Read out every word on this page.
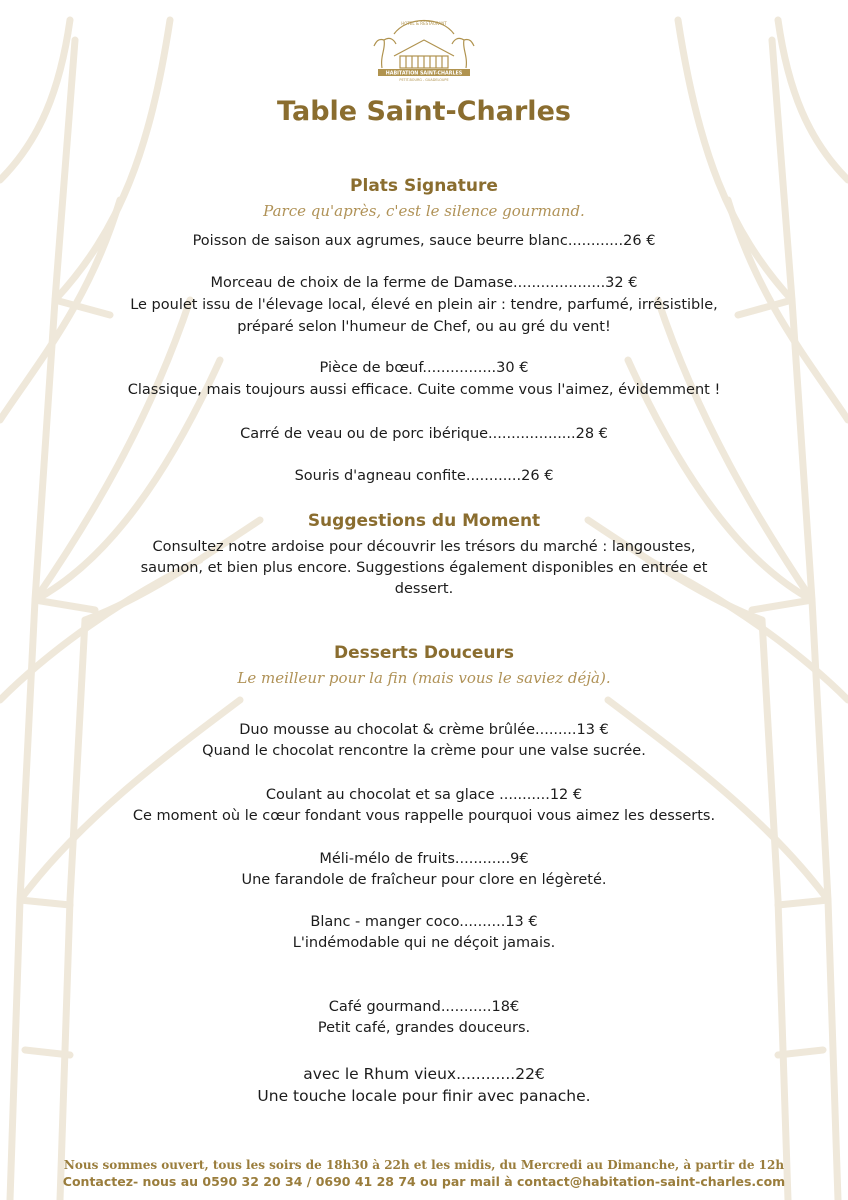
HOTEL & RESTAURANT
HABITATION SAINT-CHARLES
PETIT-BOURG - GUADELOUPE
Table Saint-Charles
Plats Signature

Parce qu'après, c'est le silence gourmand.

Poisson de saison aux agrumes, sauce beurre blanc............26 €

Morceau de choix de la ferme de Damase....................32 €

Le poulet issu de l'élevage local, élevé en plein air : tendre, parfumé, irrésistible,

préparé selon l'humeur de Chef, ou au gré du vent!

Pièce de bœuf................30 €

Classique, mais toujours aussi efficace. Cuite comme vous l'aimez, évidemment !

Carré de veau ou de porc ibérique...................28 €

Souris d'agneau confite............26 €

Suggestions du Moment

Consultez notre ardoise pour découvrir les trésors du marché : langoustes,

saumon, et bien plus encore. Suggestions également disponibles en entrée et

dessert.

Desserts Douceurs

Le meilleur pour la fin (mais vous le saviez déjà).

Duo mousse au chocolat & crème brûlée.........13 €

Quand le chocolat rencontre la crème pour une valse sucrée.

Coulant au chocolat et sa glace ...........12 €

Ce moment où le cœur fondant vous rappelle pourquoi vous aimez les desserts.

Méli-mélo de fruits............9€

Une farandole de fraîcheur pour clore en légèreté.

Blanc - manger coco..........13 €

L'indémodable qui ne déçoit jamais.

Café gourmand...........18€

Petit café, grandes douceurs.

avec le Rhum vieux............22€

Une touche locale pour finir avec panache.

Nous sommes ouvert, tous les soirs de 18h30 à 22h et les midis, du Mercredi au Dimanche, à partir de 12h

Contactez- nous au 0590 32 20 34 / 0690 41 28 74 ou par mail à contact@habitation-saint-charles.com
